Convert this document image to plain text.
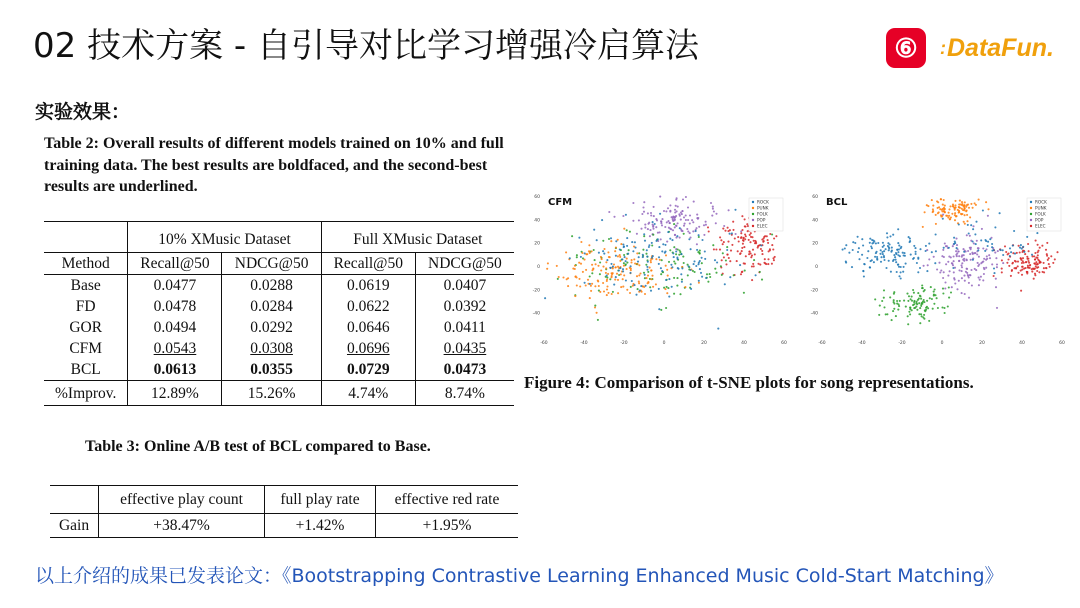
02 技术方案 - 自引导对比学习增强冷启算法	⑥ : DataFun.
实验效果：
Table 2: Overall results of different models trained on 10% and full training data. The best results are boldfaced, and the second-best results are underlined.
	10% XMusic Dataset		Full XMusic Dataset	
Method	Recall@50	NDCG@50	Recall@50	NDCG@50
Base	0.0477	0.0288	0.0619	0.0407
FD	0.0478	0.0284	0.0622	0.0392
GOR	0.0494	0.0292	0.0646	0.0411
CFM	0.0543	0.0308	0.0696	0.0435
BCL	0.0613	0.0355	0.0729	0.0473
%Improv.	12.89%	15.26%	4.74%	8.74%
Table 3: Online A/B test of BCL compared to Base.
	effective play count	full play rate	effective red rate
Gain	+38.47%	+1.42%	+1.95%
CFM
60
40
20
0
-20
-40
-60	-40	-20	0	20	40	60
ROCK
PUNK
FOLK
POP
ELEC
BCL
60
40
20
0
-20
-40
-60	-40	-20	0	20	40	60
ROCK
PUNK
FOLK
POP
ELEC
Figure 4: Comparison of t-SNE plots for song representations.
以上介绍的成果已发表论文：《Bootstrapping Contrastive Learning Enhanced Music Cold-Start Matching》
